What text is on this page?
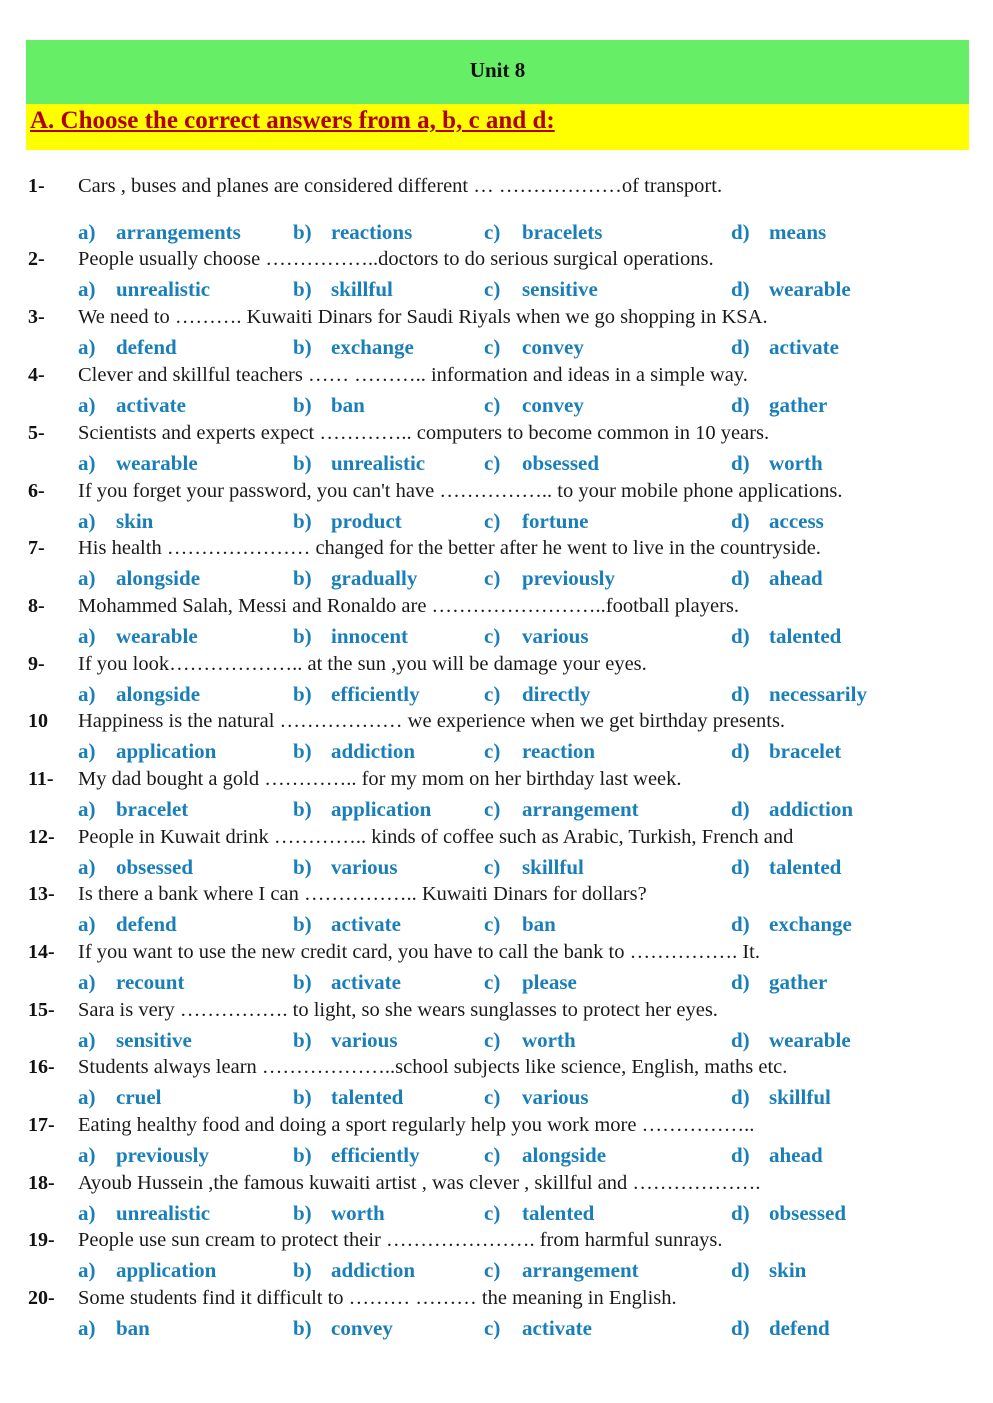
Unit 8
A. Choose the correct answers from a, b, c and d:
1- Cars , buses and planes are considered different … ………………of transport.
a) arrangements b) reactions	c) bracelets	d) means
2- People usually choose ……………..doctors to do serious surgical operations.
a) unrealistic	b) skillful	c) sensitive	d) wearable
3- We need to ………. Kuwaiti Dinars for Saudi Riyals when we go shopping in KSA.
a) defend	b) exchange	c) convey	d) activate
4- Clever and skillful teachers …… ……….. information and ideas in a simple way.
a) activate	b) ban	c) convey	d) gather
5- Scientists and experts expect ………….. computers to become common in 10 years.
a) wearable	b) unrealistic	c) obsessed	d) worth
6- If you forget your password, you can't have …………….. to your mobile phone applications.
a) skin	b) product	c) fortune	d) access
7- His health ………………… changed for the better after he went to live in the countryside.
a) alongside	b) gradually	c) previously	d) ahead
8- Mohammed Salah, Messi and Ronaldo are ……………………..football players.
a) wearable	b) innocent	c) various	d) talented
9- If you look……………….. at the sun ,you will be damage your eyes.
a) alongside	b) efficiently	c) directly	d) necessarily
10 Happiness is the natural ……………… we experience when we get birthday presents.
a) application	b) addiction	c) reaction	d) bracelet
11- My dad bought a gold ………….. for my mom on her birthday last week.
a) bracelet	b) application	c) arrangement	d) addiction
12- People in Kuwait drink ………….. kinds of coffee such as Arabic, Turkish, French and
a) obsessed	b) various	c) skillful	d) talented
13- Is there a bank where I can …………….. Kuwaiti Dinars for dollars?
a) defend	b) activate	c) ban	d) exchange
14- If you want to use the new credit card, you have to call the bank to ……………. It.
a) recount	b) activate	c) please	d) gather
15- Sara is very ……………. to light, so she wears sunglasses to protect her eyes.
a) sensitive	b) various	c) worth	d) wearable
16- Students always learn ………………..school subjects like science, English, maths etc.
a) cruel	b) talented	c) various	d) skillful
17- Eating healthy food and doing a sport regularly help you work more ……………..
a) previously	b) efficiently	c) alongside	d) ahead
18- Ayoub Hussein ,the famous kuwaiti artist , was clever , skillful and ……………….
a) unrealistic	b) worth	c) talented	d) obsessed
19- People use sun cream to protect their …………………. from harmful sunrays.
a) application	b) addiction	c) arrangement	d) skin
20- Some students find it difficult to ……… ……… the meaning in English.
a) ban	b) convey	c) activate	d) defend
